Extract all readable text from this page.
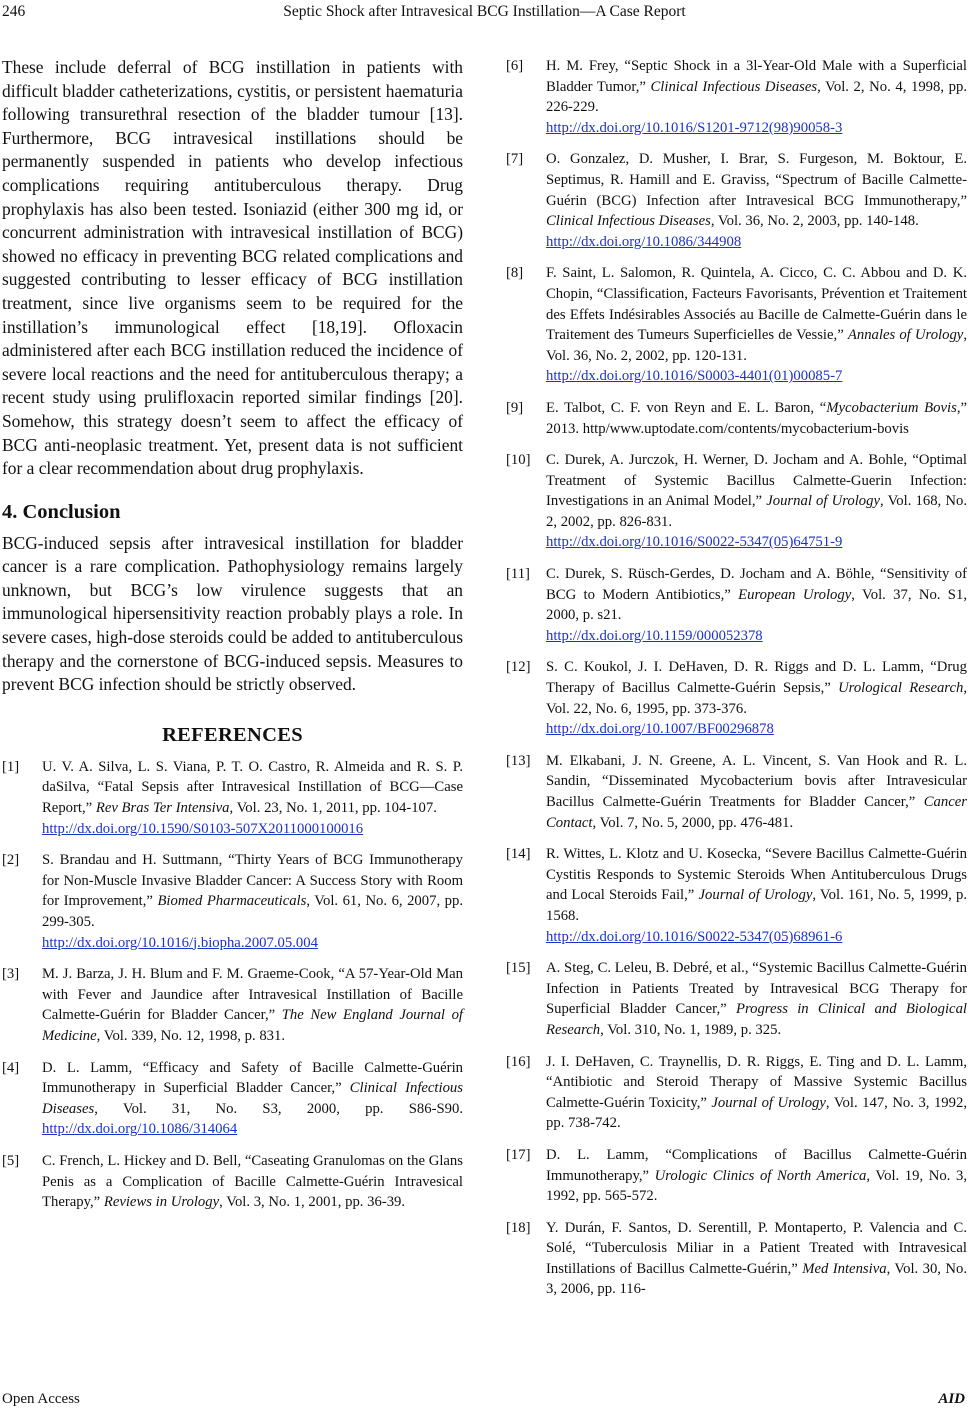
246	Septic Shock after Intravesical BCG Instillation—A Case Report

These include deferral of BCG instillation in patients with difficult bladder catheterizations, cystitis, or persistent haematuria following transurethral resection of the bladder tumour [13]. Furthermore, BCG intravesical instillations should be permanently suspended in patients who develop infectious complications requiring antituberculous therapy. Drug prophylaxis has also been tested. Isoniazid (either 300 mg id, or concurrent administration with intravesical instillation of BCG) showed no efficacy in preventing BCG related complications and suggested contributing to lesser efficacy of BCG instillation treatment, since live organisms seem to be required for the instillation’s immunological effect [18,19]. Ofloxacin administered after each BCG instillation reduced the incidence of severe local reactions and the need for antituberculous therapy; a recent study using prulifloxacin reported similar findings [20]. Somehow, this strategy doesn’t seem to affect the efficacy of BCG anti-neoplasic treatment. Yet, present data is not sufficient for a clear recommendation about drug prophylaxis.

4. Conclusion

BCG-induced sepsis after intravesical instillation for bladder cancer is a rare complication. Pathophysiology remains largely unknown, but BCG’s low virulence suggests that an immunological hipersensitivity reaction probably plays a role. In severe cases, high-dose steroids could be added to antituberculous therapy and the cornerstone of BCG-induced sepsis. Measures to prevent BCG infection should be strictly observed.

REFERENCES
[1] U. V. A. Silva, L. S. Viana, P. T. O. Castro, R. Almeida and R. S. P. daSilva, “Fatal Sepsis after Intravesical Instillation of BCG—Case Report,” Rev Bras Ter Intensiva, Vol. 23, No. 1, 2011, pp. 104-107.
http://dx.doi.org/10.1590/S0103-507X2011000100016
[2] S. Brandau and H. Suttmann, “Thirty Years of BCG Immunotherapy for Non-Muscle Invasive Bladder Cancer: A Success Story with Room for Improvement,” Biomed Pharmaceuticals, Vol. 61, No. 6, 2007, pp. 299-305.
http://dx.doi.org/10.1016/j.biopha.2007.05.004
[3] M. J. Barza, J. H. Blum and F. M. Graeme-Cook, “A 57-Year-Old Man with Fever and Jaundice after Intravesical Instillation of Bacille Calmette-Guérin for Bladder Cancer,” The New England Journal of Medicine, Vol. 339, No. 12, 1998, p. 831.
[4] D. L. Lamm, “Efficacy and Safety of Bacille Calmette-Guérin Immunotherapy in Superficial Bladder Cancer,” Clinical Infectious Diseases, Vol. 31, No. S3, 2000, pp. S86-S90. http://dx.doi.org/10.1086/314064
[5] C. French, L. Hickey and D. Bell, “Caseating Granulomas on the Glans Penis as a Complication of Bacille Calmette-Guérin Intravesical Therapy,” Reviews in Urology, Vol. 3, No. 1, 2001, pp. 36-39.
[6] H. M. Frey, “Septic Shock in a 3l-Year-Old Male with a Superficial Bladder Tumor,” Clinical Infectious Diseases, Vol. 2, No. 4, 1998, pp. 226-229.
http://dx.doi.org/10.1016/S1201-9712(98)90058-3
[7] O. Gonzalez, D. Musher, I. Brar, S. Furgeson, M. Boktour, E. Septimus, R. Hamill and E. Graviss, “Spectrum of Bacille Calmette-Guérin (BCG) Infection after Intravesical BCG Immunotherapy,” Clinical Infectious Diseases, Vol. 36, No. 2, 2003, pp. 140-148.
http://dx.doi.org/10.1086/344908
[8] F. Saint, L. Salomon, R. Quintela, A. Cicco, C. C. Abbou and D. K. Chopin, “Classification, Facteurs Favorisants, Prévention et Traitement des Effets Indésirables Associés au Bacille de Calmette-Guérin dans le Traitement des Tumeurs Superficielles de Vessie,” Annales of Urology, Vol. 36, No. 2, 2002, pp. 120-131.
http://dx.doi.org/10.1016/S0003-4401(01)00085-7
[9] E. Talbot, C. F. von Reyn and E. L. Baron, “Mycobacterium Bovis,” 2013. http/www.uptodate.com/contents/mycobacterium-bovis
[10] C. Durek, A. Jurczok, H. Werner, D. Jocham and A. Bohle, “Optimal Treatment of Systemic Bacillus Calmette-Guerin Infection: Investigations in an Animal Model,” Journal of Urology, Vol. 168, No. 2, 2002, pp. 826-831.
http://dx.doi.org/10.1016/S0022-5347(05)64751-9
[11] C. Durek, S. Rüsch-Gerdes, D. Jocham and A. Böhle, “Sensitivity of BCG to Modern Antibiotics,” European Urology, Vol. 37, No. S1, 2000, p. s21.
http://dx.doi.org/10.1159/000052378
[12] S. C. Koukol, J. I. DeHaven, D. R. Riggs and D. L. Lamm, “Drug Therapy of Bacillus Calmette-Guérin Sepsis,” Urological Research, Vol. 22, No. 6, 1995, pp. 373-376.
http://dx.doi.org/10.1007/BF00296878
[13] M. Elkabani, J. N. Greene, A. L. Vincent, S. Van Hook and R. L. Sandin, “Disseminated Mycobacterium bovis after Intravesicular Bacillus Calmette-Guérin Treatments for Bladder Cancer,” Cancer Contact, Vol. 7, No. 5, 2000, pp. 476-481.
[14] R. Wittes, L. Klotz and U. Kosecka, “Severe Bacillus Calmette-Guérin Cystitis Responds to Systemic Steroids When Antituberculous Drugs and Local Steroids Fail,” Journal of Urology, Vol. 161, No. 5, 1999, p. 1568.
http://dx.doi.org/10.1016/S0022-5347(05)68961-6
[15] A. Steg, C. Leleu, B. Debré, et al., “Systemic Bacillus Calmette-Guérin Infection in Patients Treated by Intravesical BCG Therapy for Superficial Bladder Cancer,” Progress in Clinical and Biological Research, Vol. 310, No. 1, 1989, p. 325.
[16] J. I. DeHaven, C. Traynellis, D. R. Riggs, E. Ting and D. L. Lamm, “Antibiotic and Steroid Therapy of Massive Systemic Bacillus Calmette-Guérin Toxicity,” Journal of Urology, Vol. 147, No. 3, 1992, pp. 738-742.
[17] D. L. Lamm, “Complications of Bacillus Calmette-Guérin Immunotherapy,” Urologic Clinics of North America, Vol. 19, No. 3, 1992, pp. 565-572.
[18] Y. Durán, F. Santos, D. Serentill, P. Montaperto, P. Valencia and C. Solé, “Tuberculosis Miliar in a Patient Treated with Intravesical Instillations of Bacillus Calmette-Guérin,” Med Intensiva, Vol. 30, No. 3, 2006, pp. 116-
Open Access	AID
